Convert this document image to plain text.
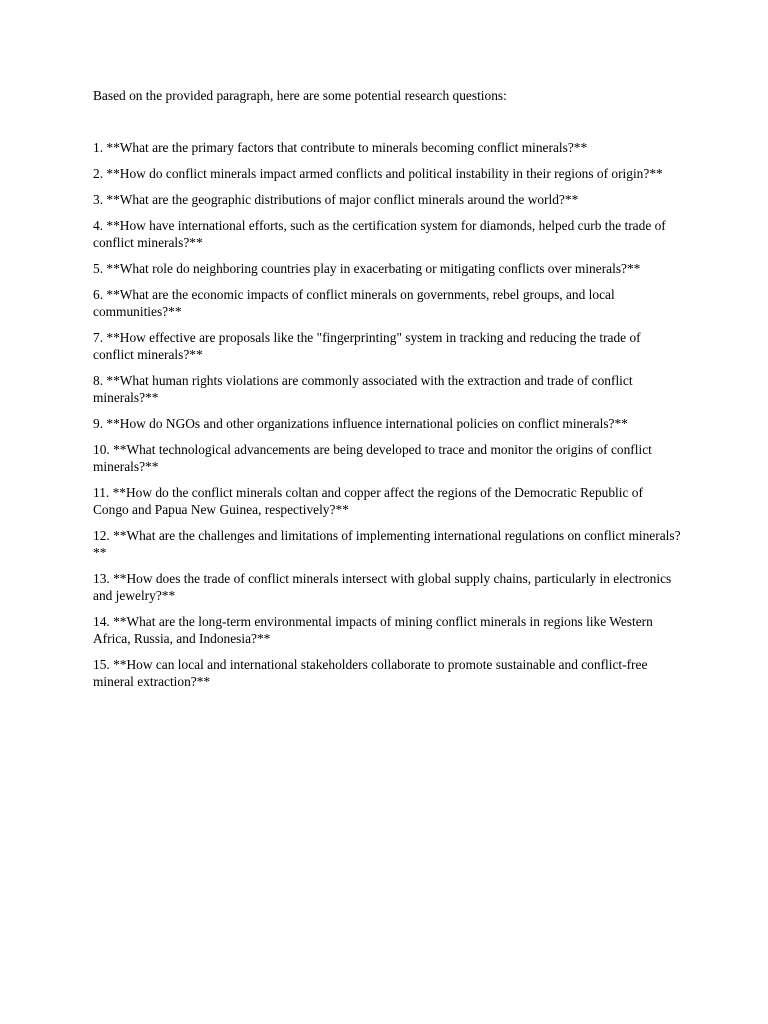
Based on the provided paragraph, here are some potential research questions:

1. **What are the primary factors that contribute to minerals becoming conflict minerals?**
2. **How do conflict minerals impact armed conflicts and political instability in their regions of origin?**
3. **What are the geographic distributions of major conflict minerals around the world?**
4. **How have international efforts, such as the certification system for diamonds, helped curb the trade of conflict minerals?**
5. **What role do neighboring countries play in exacerbating or mitigating conflicts over minerals?**
6. **What are the economic impacts of conflict minerals on governments, rebel groups, and local communities?**
7. **How effective are proposals like the "fingerprinting" system in tracking and reducing the trade of conflict minerals?**
8. **What human rights violations are commonly associated with the extraction and trade of conflict minerals?**
9. **How do NGOs and other organizations influence international policies on conflict minerals?**
10. **What technological advancements are being developed to trace and monitor the origins of conflict minerals?**
11. **How do the conflict minerals coltan and copper affect the regions of the Democratic Republic of Congo and Papua New Guinea, respectively?**
12. **What are the challenges and limitations of implementing international regulations on conflict minerals?**
13. **How does the trade of conflict minerals intersect with global supply chains, particularly in electronics and jewelry?**
14. **What are the long-term environmental impacts of mining conflict minerals in regions like Western Africa, Russia, and Indonesia?**
15. **How can local and international stakeholders collaborate to promote sustainable and conflict-free mineral extraction?**
